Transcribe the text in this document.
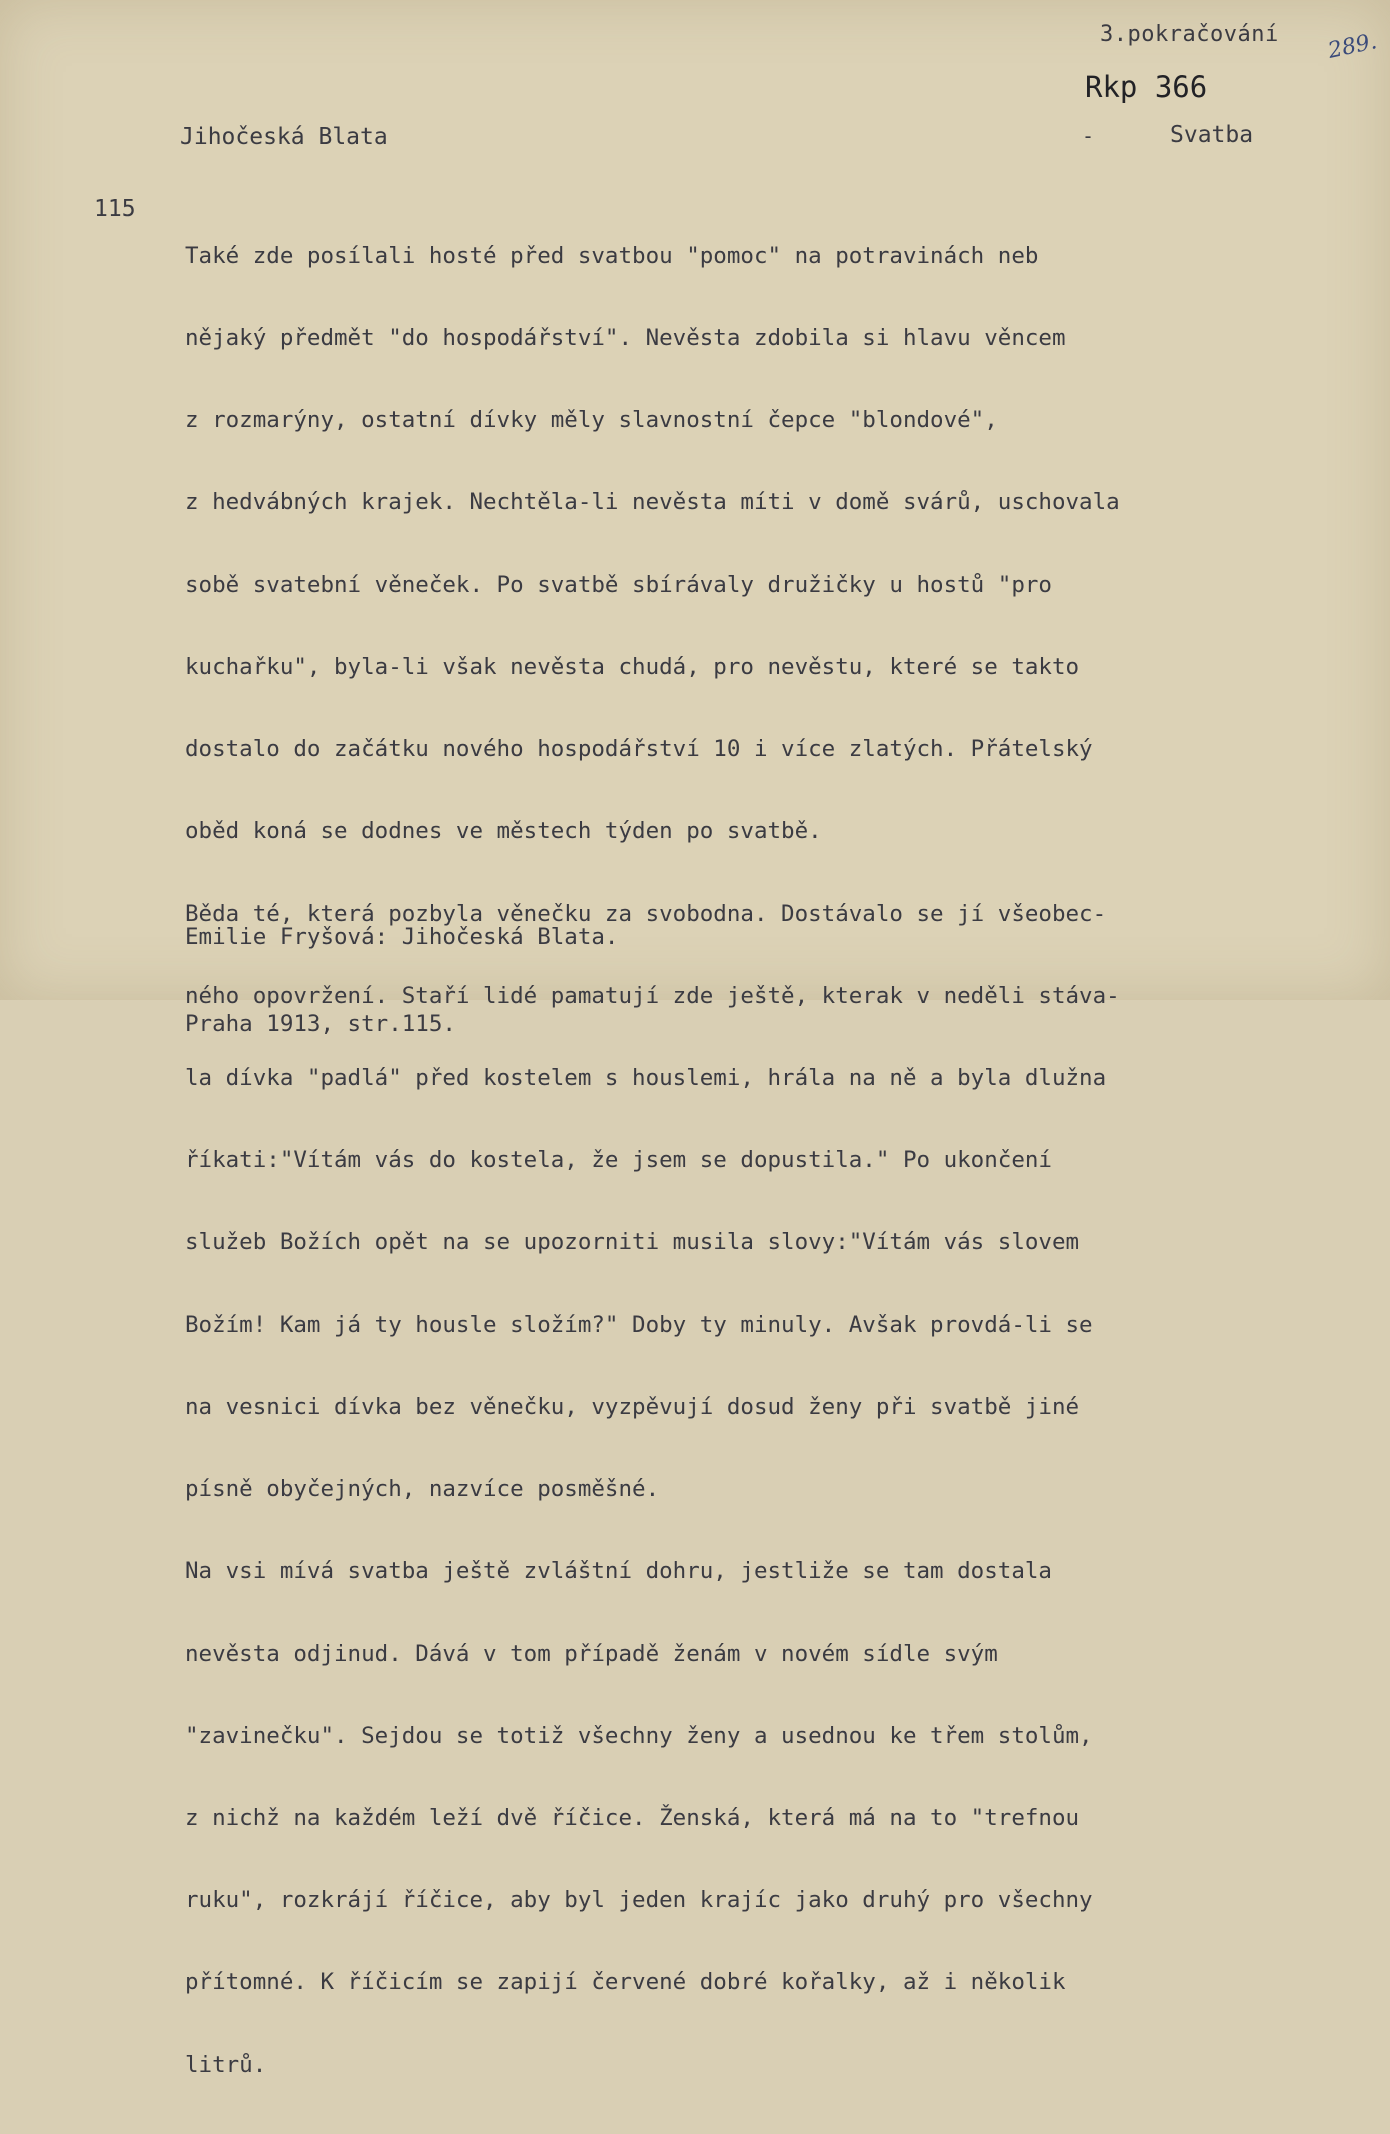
3.pokračování 289.
Rkp 366
Jihočeská Blata	-	Svatba
115

Také zde posílali hosté před svatbou "pomoc" na potravinách neb

nějaký předmět "do hospodářství". Nevěsta zdobila si hlavu věncem

z rozmarýny, ostatní dívky měly slavnostní čepce "blondové",

z hedvábných krajek. Nechtěla-li nevěsta míti v domě svárů, uschovala

sobě svatební věneček. Po svatbě sbírávaly družičky u hostů "pro

kuchařku", byla-li však nevěsta chudá, pro nevěstu, které se takto

dostalo do začátku nového hospodářství 10 i více zlatých. Přátelský

oběd koná se dodnes ve městech týden po svatbě.

Běda té, která pozbyla věnečku za svobodna. Dostávalo se jí všeobec-

ného opovržení. Staří lidé pamatují zde ještě, kterak v neděli stáva-

la dívka "padlá" před kostelem s houslemi, hrála na ně a byla dlužna

říkati:"Vítám vás do kostela, že jsem se dopustila." Po ukončení

služeb Božích opět na se upozorniti musila slovy:"Vítám vás slovem

Božím! Kam já ty housle složím?" Doby ty minuly. Avšak provdá-li se

na vesnici dívka bez věnečku, vyzpěvují dosud ženy při svatbě jiné

písně obyčejných, nazvíce posměšné.

Na vsi mívá svatba ještě zvláštní dohru, jestliže se tam dostala

nevěsta odjinud. Dává v tom případě ženám v novém sídle svým

"zavinečku". Sejdou se totiž všechny ženy a usednou ke třem stolům,

z nichž na každém leží dvě říčice. Ženská, která má na to "trefnou

ruku", rozkrájí říčice, aby byl jeden krajíc jako druhý pro všechny

přítomné. K říčicím se zapijí červené dobré kořalky, až i několik

litrů.

Emilie Fryšová: Jihočeská Blata.

Praha 1913, str.115.
